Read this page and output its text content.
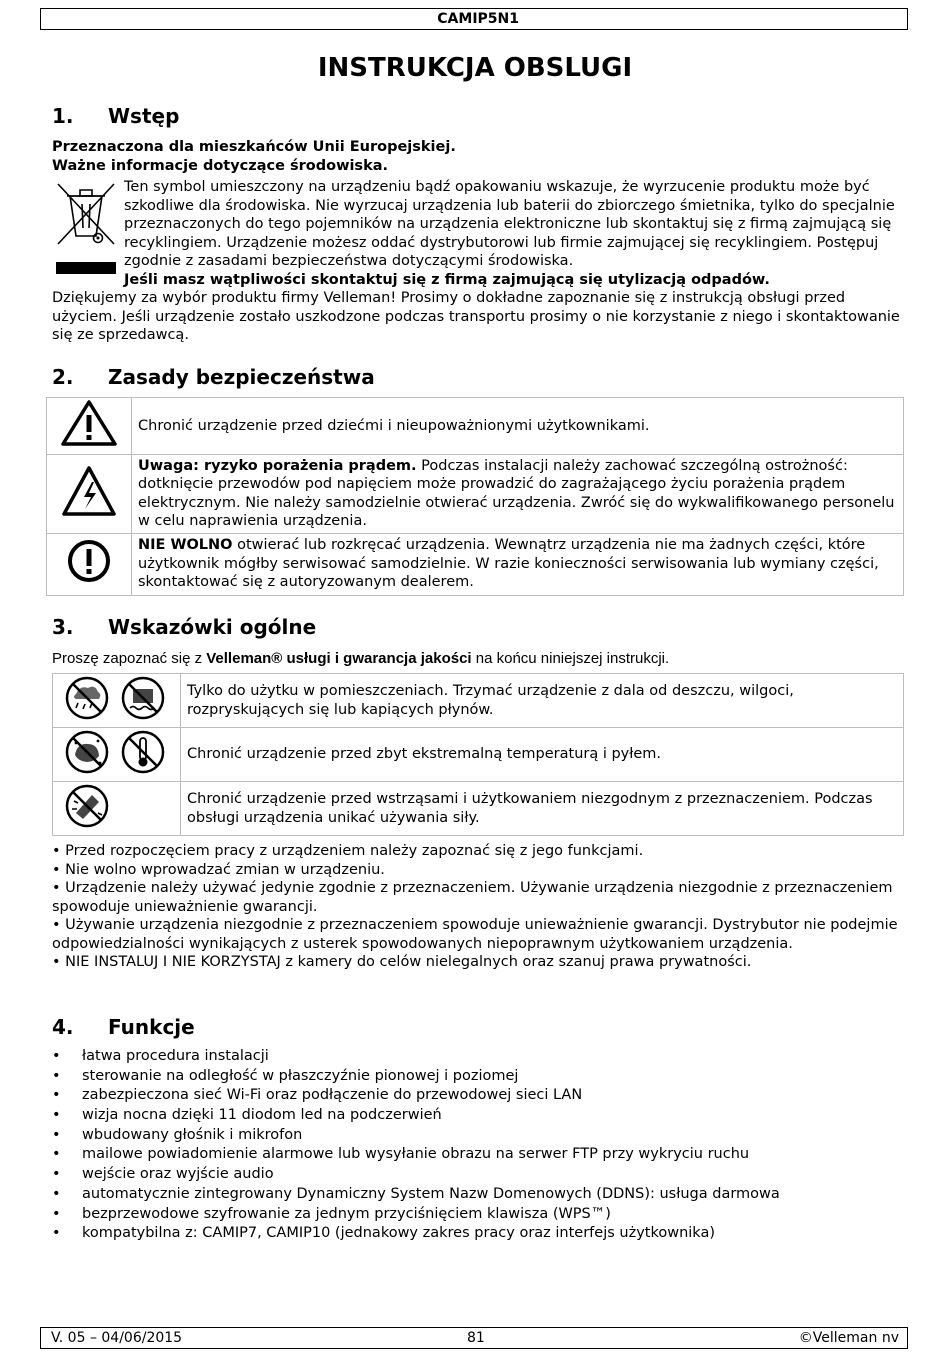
CAMIP5N1
INSTRUKCJA OBSLUGI
1. Wstęp

Przeznaczona dla mieszkańców Unii Europejskiej.

Ważne informacje dotyczące środowiska.

Ten symbol umieszczony na urządzeniu bądź opakowaniu wskazuje, że wyrzucenie produktu może być szkodliwe dla środowiska. Nie wyrzucaj urządzenia lub baterii do zbiorczego śmietnika, tylko do specjalnie przeznaczonych do tego pojemników na urządzenia elektroniczne lub skontaktuj się z firmą zajmującą się recyklingiem. Urządzenie możesz oddać dystrybutorowi lub firmie zajmującej się recyklingiem. Postępuj zgodnie z zasadami bezpieczeństwa dotyczącymi środowiska.

Jeśli masz wątpliwości skontaktuj się z firmą zajmującą się utylizacją odpadów.

Dziękujemy za wybór produktu firmy Velleman! Prosimy o dokładne zapoznanie się z instrukcją obsługi przed użyciem. Jeśli urządzenie zostało uszkodzone podczas transportu prosimy o nie korzystanie z niego i skontaktowanie się ze sprzedawcą.

2. Zasady bezpieczeństwa
	Chronić urządzenie przed dziećmi i nieupoważnionymi użytkownikami.
	Uwaga: ryzyko porażenia prądem. Podczas instalacji należy zachować szczególną ostrożność: dotknięcie przewodów pod napięciem może prowadzić do zagrażającego życiu porażenia prądem elektrycznym. Nie należy samodzielnie otwierać urządzenia. Zwróć się do wykwalifikowanego personelu w celu naprawienia urządzenia.
	NIE WOLNO otwierać lub rozkręcać urządzenia. Wewnątrz urządzenia nie ma żadnych części, które użytkownik mógłby serwisować samodzielnie. W razie konieczności serwisowania lub wymiany części, skontaktować się z autoryzowanym dealerem.
3. Wskazówki ogólne
Proszę zapoznać się z Velleman® usługi i gwarancja jakości na końcu niniejszej instrukcji.
	Tylko do użytku w pomieszczeniach. Trzymać urządzenie z dala od deszczu, wilgoci, rozpryskujących się lub kapiących płynów.
	Chronić urządzenie przed zbyt ekstremalną temperaturą i pyłem.
	Chronić urządzenie przed wstrząsami i użytkowaniem niezgodnym z przeznaczeniem. Podczas obsługi urządzenia unikać używania siły.
• Przed rozpoczęciem pracy z urządzeniem należy zapoznać się z jego funkcjami.
• Nie wolno wprowadzać zmian w urządzeniu.
• Urządzenie należy używać jedynie zgodnie z przeznaczeniem. Używanie urządzenia niezgodnie z przeznaczeniem spowoduje unieważnienie gwarancji.
• Używanie urządzenia niezgodnie z przeznaczeniem spowoduje unieważnienie gwarancji. Dystrybutor nie podejmie odpowiedzialności wynikających z usterek spowodowanych niepoprawnym użytkowaniem urządzenia.
• NIE INSTALUJ I NIE KORZYSTAJ z kamery do celów nielegalnych oraz szanuj prawa prywatności.
4. Funkcje
• łatwa procedura instalacji
• sterowanie na odległość w płaszczyźnie pionowej i poziomej
• zabezpieczona sieć Wi-Fi oraz podłączenie do przewodowej sieci LAN
• wizja nocna dzięki 11 diodom led na podczerwień
• wbudowany głośnik i mikrofon
• mailowe powiadomienie alarmowe lub wysyłanie obrazu na serwer FTP przy wykryciu ruchu
• wejście oraz wyjście audio
• automatycznie zintegrowany Dynamiczny System Nazw Domenowych (DDNS): usługa darmowa
• bezprzewodowe szyfrowanie za jednym przyciśnięciem klawisza (WPS™)
• kompatybilna z: CAMIP7, CAMIP10 (jednakowy zakres pracy oraz interfejs użytkownika)
V. 05 – 04/06/2015	81	©Velleman nv
